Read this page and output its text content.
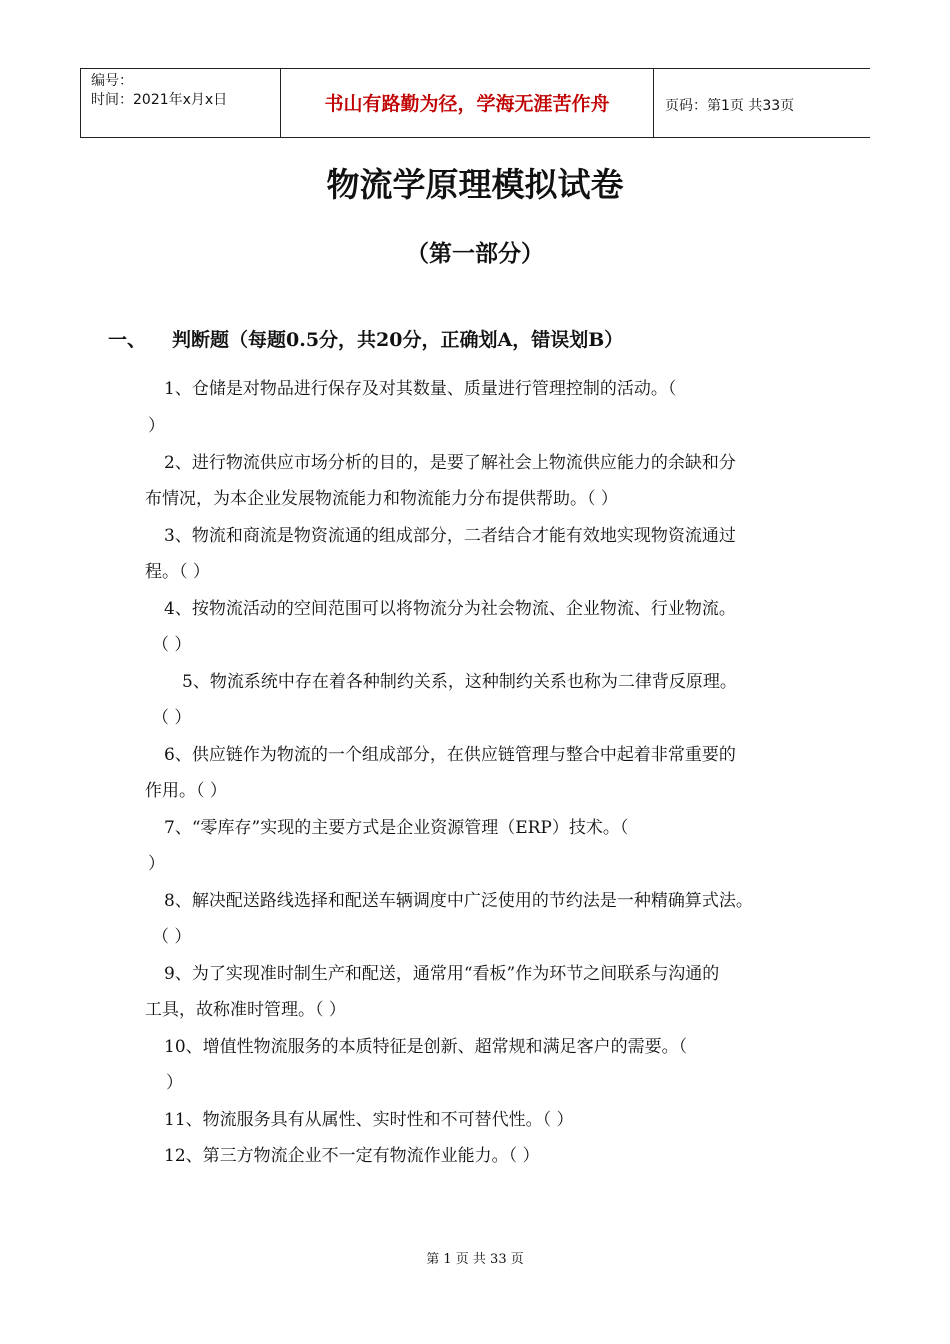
编号：
时间：2021年x月x日	书山有路勤为径，学海无涯苦作舟	页码：第1页 共33页
物流学原理模拟试卷
（第一部分）
一、 判断题（每题0.5分，共20分，正确划A，错误划B）
1、仓储是对物品进行保存及对其数量、质量进行管理控制的活动。（
）
2、进行物流供应市场分析的目的，是要了解社会上物流供应能力的余缺和分
布情况，为本企业发展物流能力和物流能力分布提供帮助。（ ）
3、物流和商流是物资流通的组成部分，二者结合才能有效地实现物资流通过
程。（ ）
4、按物流活动的空间范围可以将物流分为社会物流、企业物流、行业物流。
（ ）
5、物流系统中存在着各种制约关系，这种制约关系也称为二律背反原理。
（ ）
6、供应链作为物流的一个组成部分，在供应链管理与整合中起着非常重要的
作用。（ ）
7、“零库存”实现的主要方式是企业资源管理（ERP）技术。（
）
8、解决配送路线选择和配送车辆调度中广泛使用的节约法是一种精确算式法。
（ ）
9、为了实现准时制生产和配送，通常用“看板”作为环节之间联系与沟通的
工具，故称准时管理。（ ）
10、增值性物流服务的本质特征是创新、超常规和满足客户的需要。（
）
11、物流服务具有从属性、实时性和不可替代性。（ ）
12、第三方物流企业不一定有物流作业能力。（ ）
第 1 页 共 33 页
